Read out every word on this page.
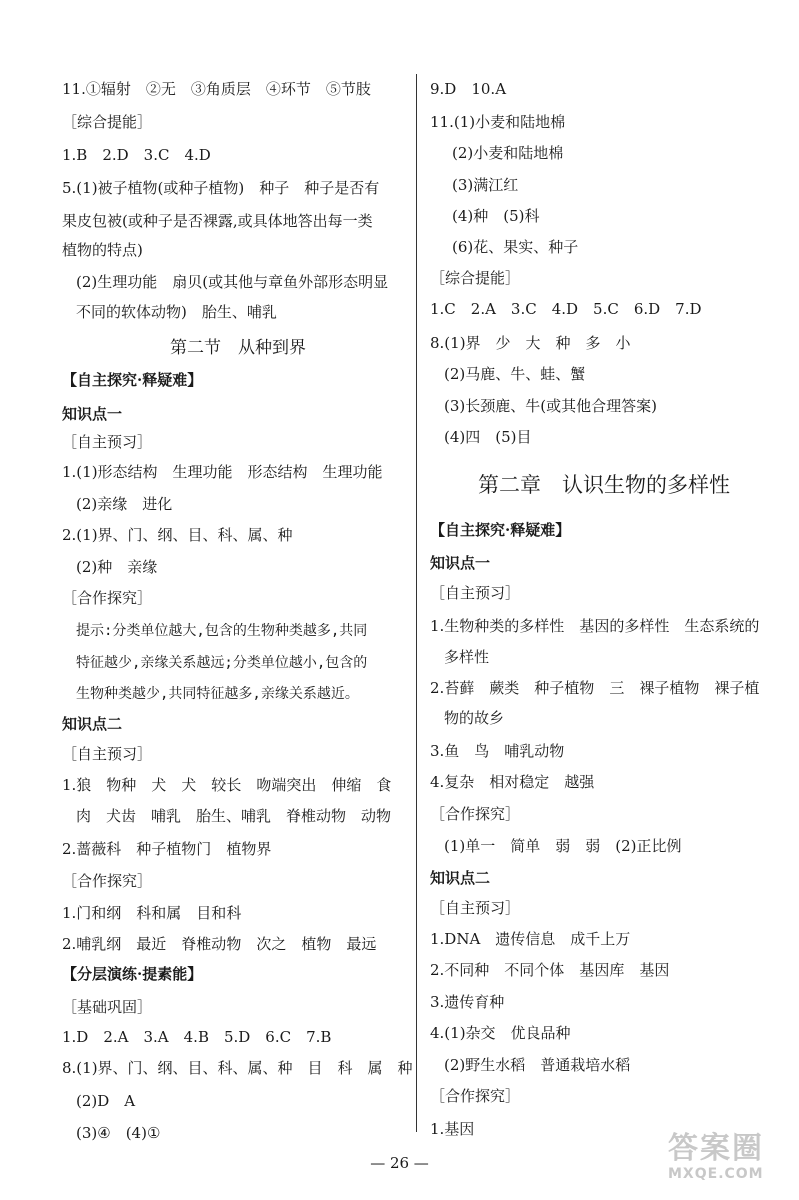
11.①辐射　②无　③角质层　④环节　⑤节肢
［综合提能］
1.B　2.D　3.C　4.D
5.(1)被子植物(或种子植物)　种子　种子是否有
果皮包被(或种子是否裸露,或具体地答出每一类
植物的特点)
(2)生理功能　扇贝(或其他与章鱼外部形态明显
不同的软体动物)　胎生、哺乳
第二节　从种到界
【自主探究·释疑难】
知识点一
［自主预习］
1.(1)形态结构　生理功能　形态结构　生理功能
(2)亲缘　进化
2.(1)界、门、纲、目、科、属、种
(2)种　亲缘
［合作探究］
提示:分类单位越大,包含的生物种类越多,共同
特征越少,亲缘关系越远;分类单位越小,包含的
生物种类越少,共同特征越多,亲缘关系越近。
知识点二
［自主预习］
1.狼　物种　犬　犬　较长　吻端突出　伸缩　食
肉　犬齿　哺乳　胎生、哺乳　脊椎动物　动物
2.蔷薇科　种子植物门　植物界
［合作探究］
1.门和纲　科和属　目和科
2.哺乳纲　最近　脊椎动物　次之　植物　最远
【分层演练·提素能】
［基础巩固］
1.D　2.A　3.A　4.B　5.D　6.C　7.B
8.(1)界、门、纲、目、科、属、种　目　科　属　种
(2)D　A
(3)④　(4)①
9.D　10.A
11.(1)小麦和陆地棉
(2)小麦和陆地棉
(3)满江红
(4)种　(5)科
(6)花、果实、种子
［综合提能］
1.C　2.A　3.C　4.D　5.C　6.D　7.D
8.(1)界　少　大　种　多　小
(2)马鹿、牛、蛙、蟹
(3)长颈鹿、牛(或其他合理答案)
(4)四　(5)目
第二章　认识生物的多样性
【自主探究·释疑难】
知识点一
［自主预习］
1.生物种类的多样性　基因的多样性　生态系统的
多样性
2.苔藓　蕨类　种子植物　三　裸子植物　裸子植
物的故乡
3.鱼　鸟　哺乳动物
4.复杂　相对稳定　越强
［合作探究］
(1)单一　简单　弱　弱　(2)正比例
知识点二
［自主预习］
1.DNA　遗传信息　成千上万
2.不同种　不同个体　基因库　基因
3.遗传育种
4.(1)杂交　优良品种
(2)野生水稻　普通栽培水稻
［合作探究］
1.基因
— 26 —	答案圈
MXQE.COM
